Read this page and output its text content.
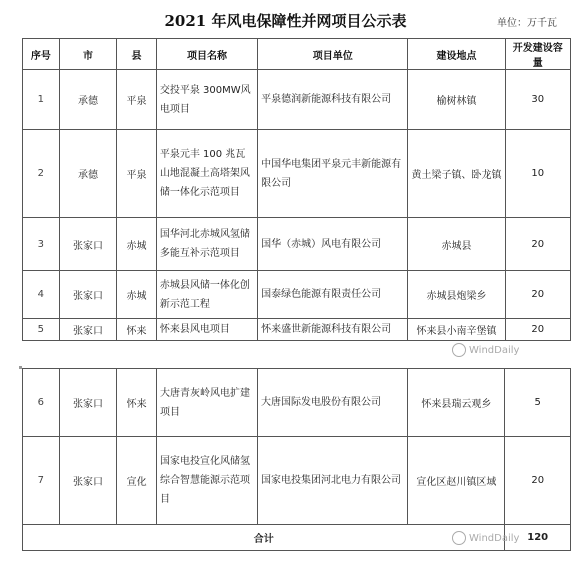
2021 年风电保障性并网项目公示表	单位：万千瓦
序号	市	县	项目名称	项目单位	建设地点	开发建设容量
1	承德	平泉	交投平泉 300MW风电项目	平泉德润新能源科技有限公司	榆树林镇	30
2	承德	平泉	平泉元丰 100 兆瓦山地混凝土高塔架风储一体化示范项目	中国华电集团平泉元丰新能源有限公司	黄土梁子镇、卧龙镇	10
3	张家口	赤城	国华河北赤城风氢储多能互补示范项目	国华（赤城）风电有限公司	赤城县	20
4	张家口	赤城	赤城县风储一体化创新示范工程	国泰绿色能源有限责任公司	赤城县炮梁乡	20
5	张家口	怀来	怀来县风电项目	怀来盛世新能源科技有限公司	怀来县小南辛堡镇	20
6	张家口	怀来	大唐青灰岭风电扩建项目	大唐国际发电股份有限公司	怀来县瑞云观乡	5
7	张家口	宣化	国家电投宣化风储氢综合智慧能源示范项目	国家电投集团河北电力有限公司	宣化区赵川镇区域	20
合计						120
WindDaily
WindDaily
